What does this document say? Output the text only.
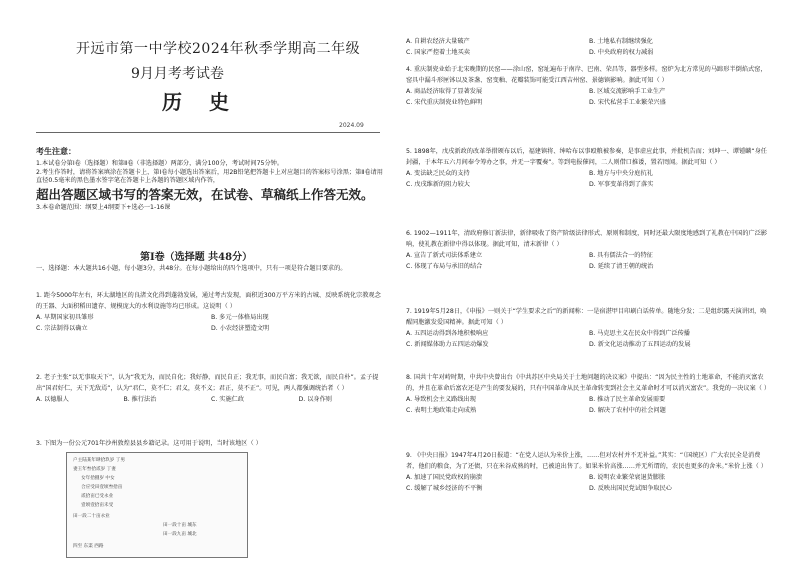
开远市第一中学校2024年秋季学期高二年级
9月月考考试卷
历 史
2024.09
考生注意：
1.本试卷分第Ⅰ卷（选择题）和第Ⅱ卷（非选择题）两部分，满分100分，考试时间75分钟。
2.考生作答时，请将答案填涂在答题卡上，第Ⅰ卷每小题选出答案后，用2B铅笔把答题卡上对应题目的答案标号涂黑；第Ⅱ卷请用直径0.5毫米的黑色墨水签字笔在答题卡上各题的答题区域内作答，
超出答题区域书写的答案无效，在试卷、草稿纸上作答无效。
3.本卷命题范围：纲要上4纲要下+选必一1-16课
第Ⅰ卷（选择题 共48分）
一、选择题：本大题共16小题，每小题3分，共48分。在每小题给出的四个选项中，只有一项是符合题目要求的。
1. 距今5000年左右，环太湖地区的良渚文化得到蓬勃发展，通过考古发现，面积近300万平方米的古城、反映系统化宗教观念的王器、大面积稻田遗存、规模庞大的水利设施等均已形成。这说明（ ）
A. 早期国家初具雏形	B. 多元一体格局出现
C. 宗法制得以确立	D. 小农经济塑造文明
2. 老子主张“以无事取天下”，认为“我无为，而民自化；我好静，而民自正；我无事，而民自富；我无欲，而民自朴”。孟子提出“国君好仁，天下无敌焉”，认为“君仁，莫不仁；君义，莫不义；君正，莫不正”。可见，两人都强调统治者（ ）
A. 以德服人	B. 推行法治	C. 实施仁政	D. 以身作则
3. 下图为一份公元701年沙州敦煌县县乡籍记录。这可用于说明，当时该地区（ ）
户主陆某年肆拾玖岁 丁男
妻王年叁拾贰岁 丁妻
女年拾捌岁 中女
合应受田壹顷叁拾亩
贰拾亩已受永业
壹顷壹拾亩未受
田一段二十亩永业
田一段十亩 城东
田一段九亩 城北
四至 东渠 西路
A. 自耕农经济大量破产	B. 土地私有制继续强化
C. 国家严控着土地买卖	D. 中央政府的权力减弱
4. 重庆制瓷业始于北宋晚期的民窑——涂山窑，窑址遍布于南岸、巴南、荣昌等，器型多样。窑炉为北方常见的马蹄形半倒焰式窑，窑具中漏斗形匣钵以及茶盏、窑变釉、花瓣装饰可能受江西吉州窑、景德镇影响。据此可知（ ）
A. 商品经济取得了显著发展	B. 区域交流影响手工业生产
C. 宋代重庆制瓷业特色鲜明	D. 宋代私营手工业繁荣兴盛
5. 1898年，戊戌新政的改革举措颁布以后，福建镇将、绅哈布以事殴粮被参奏，是事虚应此事，并批机告而；刘坤一、谭锺麟“身任封疆，于本年五六月间奉令筹办之事，并无一字覆奏”。等到电报催问，二人则借口推诿，置若罔闻。据此可知（ ）
A. 变法缺乏民众的支持	B. 地方与中央分庭抗礼
C. 戊戌维新的阻力较大	D. 军事变革得到了落实
6. 1902—1911年，清政府修订新法律，新律吸收了资产阶级法律形式、原则和制度，同时还最大限度地感到了礼教在中国的广泛影响，使礼教在新律中得以体现。据此可知，清末新律（ ）
A. 宣告了新式司法体系建立	B. 具有儒法合一的特征
C. 体现了布局与承旧的结合	D. 延续了清王朝的统治
7. 1919年5月28日，《申报》一则关于“学生要求之后”的新闻称：一是宿湛甲目印刷白话传单。随地分发；二是组织露天演讲团，唤醒同胞激发爱国精神。据此可知（ ）
A. 五四运动得到各地积极响应	B. 马克思主义在民众中得到广泛传播
C. 新闻媒体助力五四运动爆发	D. 新文化运动推动了五四运动的发展
8. 国共十年对峙时期，中共中央曾出台《中共苏区中央局关于土地问题的决议案》中提出：“因为民主性的土地革命，不能消灭富农的，并且在革命后富农还是产生的要发展的，只有中国革命从民主革命转变到社会主义革命时才可以消灭富农”。我党的一决议案（ ）
A. 导致机会主义路线出现	B. 推动了民主革命发展需要
C. 表明土地政策走向成熟	D. 解决了农村中的社会问题
9. 《中央日报》1947年4月20日报道：“在党人运认为米价上涨，……但对农村并不无补益。”其实：“（国统区）广大农民全是消费者，他们的粮食，为了还债，只在米谷成熟的时，已被迫出售了。如果米价高涨……并无所谓的，农民也更多的舍米。”米价上涨（ ）
A. 加速了国民党政权的崩溃	B. 说明农业繁荣衰退货膨胀
C. 缓解了城乡经济的不平衡	D. 反映出国民党试图争取民心
